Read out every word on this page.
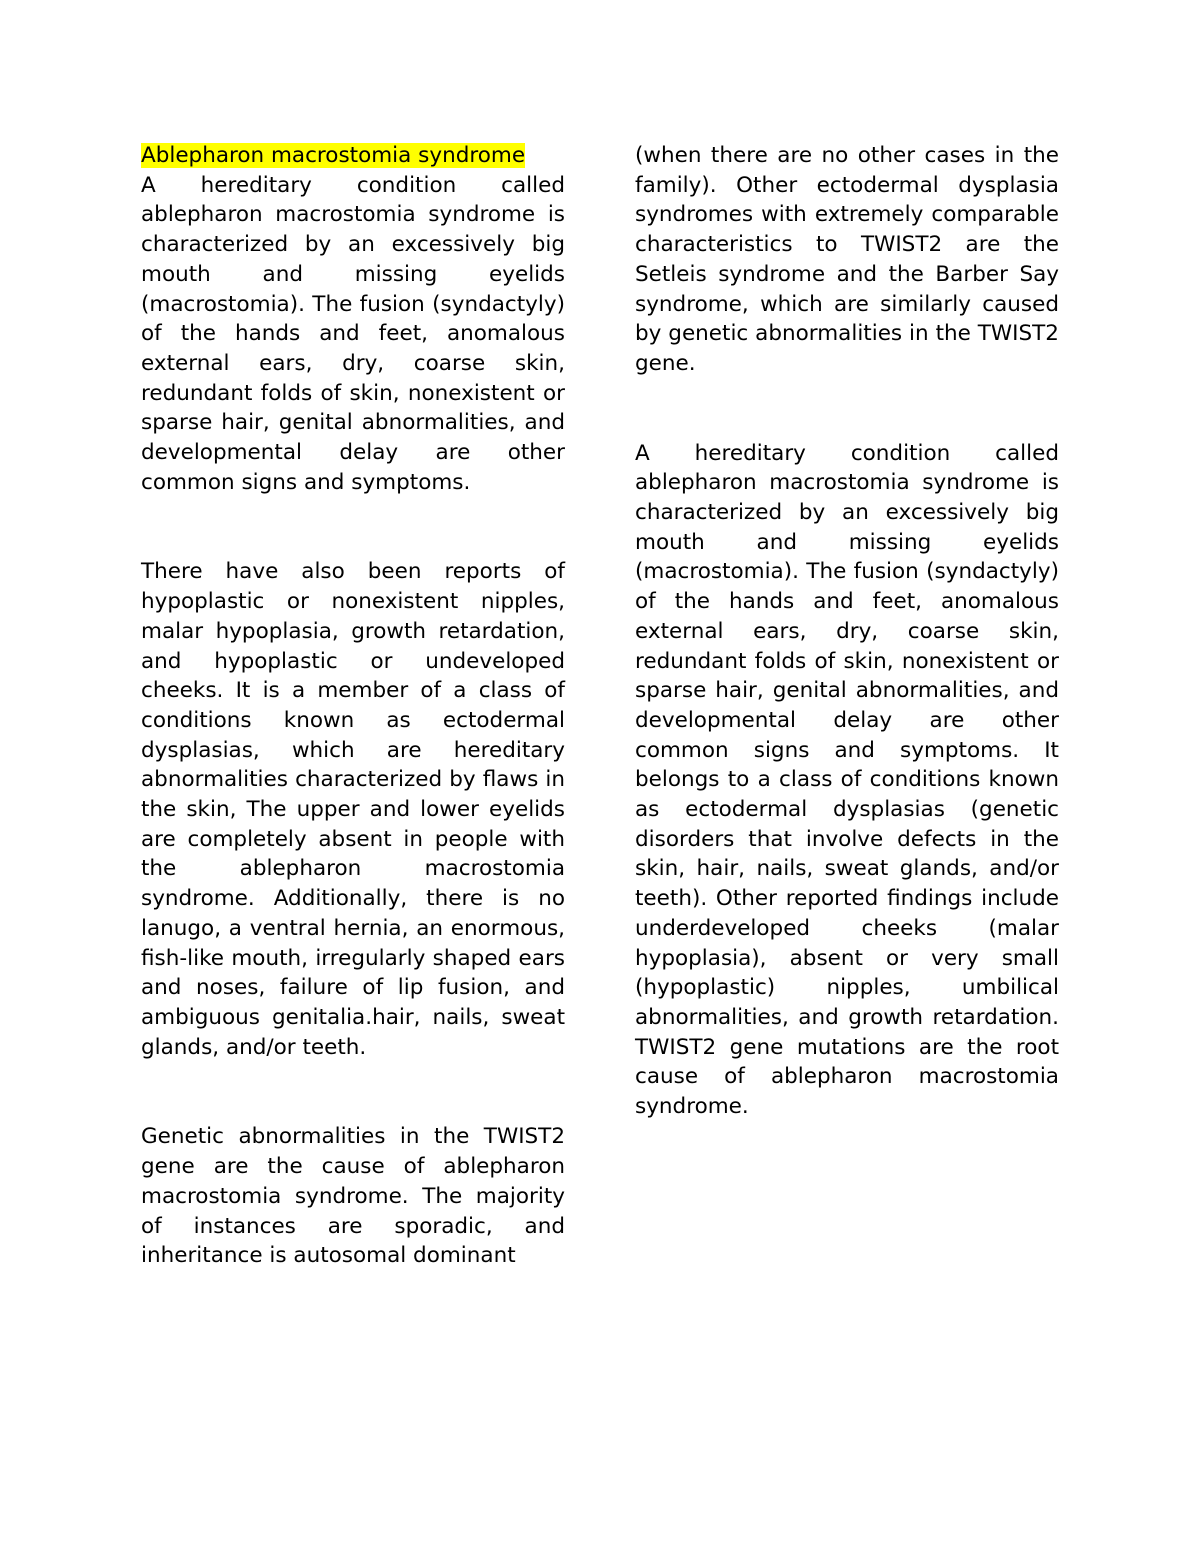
Ablepharon macrostomia syndrome

A hereditary condition called ablepharon macrostomia syndrome is characterized by an excessively big mouth and missing eyelids (macrostomia). The fusion (syndactyly) of the hands and feet, anomalous external ears, dry, coarse skin, redundant folds of skin, nonexistent or sparse hair, genital abnormalities, and developmental delay are other common signs and symptoms.

There have also been reports of hypoplastic or nonexistent nipples, malar hypoplasia, growth retardation, and hypoplastic or undeveloped cheeks. It is a member of a class of conditions known as ectodermal dysplasias, which are hereditary abnormalities characterized by flaws in the skin, The upper and lower eyelids are completely absent in people with the ablepharon macrostomia syndrome. Additionally, there is no lanugo, a ventral hernia, an enormous, fish-like mouth, irregularly shaped ears and noses, failure of lip fusion, and ambiguous genitalia.hair, nails, sweat glands, and/or teeth.

Genetic abnormalities in the TWIST2 gene are the cause of ablepharon macrostomia syndrome. The majority of instances are sporadic, and inheritance is autosomal dominant

(when there are no other cases in the family). Other ectodermal dysplasia syndromes with extremely comparable characteristics to TWIST2 are the Setleis syndrome and the Barber Say syndrome, which are similarly caused by genetic abnormalities in the TWIST2 gene.

A hereditary condition called ablepharon macrostomia syndrome is characterized by an excessively big mouth and missing eyelids (macrostomia). The fusion (syndactyly) of the hands and feet, anomalous external ears, dry, coarse skin, redundant folds of skin, nonexistent or sparse hair, genital abnormalities, and developmental delay are other common signs and symptoms. It belongs to a class of conditions known as ectodermal dysplasias (genetic disorders that involve defects in the skin, hair, nails, sweat glands, and/or teeth). Other reported findings include underdeveloped cheeks (malar hypoplasia), absent or very small (hypoplastic) nipples, umbilical abnormalities, and growth retardation. TWIST2 gene mutations are the root cause of ablepharon macrostomia syndrome.
